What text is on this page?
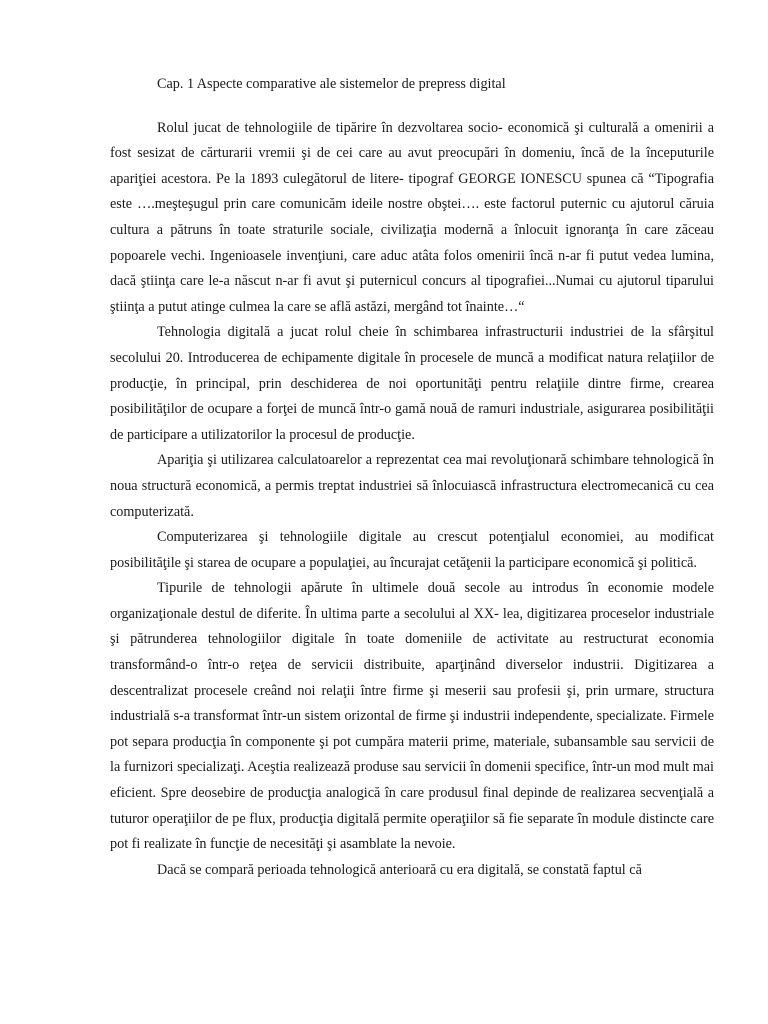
Cap. 1 Aspecte comparative ale sistemelor de prepress digital

Rolul jucat de tehnologiile de tipărire în dezvoltarea socio- economică şi culturală a omenirii a fost sesizat de cărturarii vremii şi de cei care au avut preocupări în domeniu, încă de la începuturile apariţiei acestora. Pe la 1893 culegătorul de litere- tipograf GEORGE IONESCU spunea că “Tipografia este ….meşteşugul prin care comunicăm ideile nostre obştei…. este factorul puternic cu ajutorul căruia cultura a pătruns în toate straturile sociale, civilizaţia modernă a înlocuit ignoranţa în care zăceau popoarele vechi. Ingenioasele invenţiuni, care aduc atâta folos omenirii încă n-ar fi putut vedea lumina, dacă ştiinţa care le-a născut n-ar fi avut şi puternicul concurs al tipografiei...Numai cu ajutorul tiparului ştiinţa a putut atinge culmea la care se află astăzi, mergând tot înainte…“

Tehnologia digitală a jucat rolul cheie în schimbarea infrastructurii industriei de la sfârşitul secolului 20. Introducerea de echipamente digitale în procesele de muncă a modificat natura relaţiilor de producţie, în principal, prin deschiderea de noi oportunităţi pentru relaţiile dintre firme, crearea posibilităţilor de ocupare a forţei de muncă într-o gamă nouă de ramuri industriale, asigurarea posibilităţii de participare a utilizatorilor la procesul de producţie.

Apariţia şi utilizarea calculatoarelor a reprezentat cea mai revoluţionară schimbare tehnologică în noua structură economică, a permis treptat industriei să înlocuiască infrastructura electromecanică cu cea computerizată.

Computerizarea şi tehnologiile digitale au crescut potenţialul economiei, au modificat posibilităţile şi starea de ocupare a populaţiei, au încurajat cetăţenii la participare economică şi politică.

Tipurile de tehnologii apărute în ultimele două secole au introdus în economie modele organizaţionale destul de diferite. În ultima parte a secolului al XX- lea, digitizarea proceselor industriale şi pătrunderea tehnologiilor digitale în toate domeniile de activitate au restructurat economia transformând-o într-o reţea de servicii distribuite, aparţinând diverselor industrii. Digitizarea a descentralizat procesele creând noi relaţii între firme şi meserii sau profesii şi, prin urmare, structura industrială s-a transformat într-un sistem orizontal de firme şi industrii independente, specializate. Firmele pot separa producţia în componente şi pot cumpăra materii prime, materiale, subansamble sau servicii de la furnizori specializaţi. Aceştia realizează produse sau servicii în domenii specifice, într-un mod mult mai eficient. Spre deosebire de producţia analogică în care produsul final depinde de realizarea secvenţială a tuturor operaţiilor de pe flux, producţia digitală permite operaţiilor să fie separate în module distincte care pot fi realizate în funcţie de necesităţi şi asamblate la nevoie.

Dacă se compară perioada tehnologică anterioară cu era digitală, se constată faptul că
